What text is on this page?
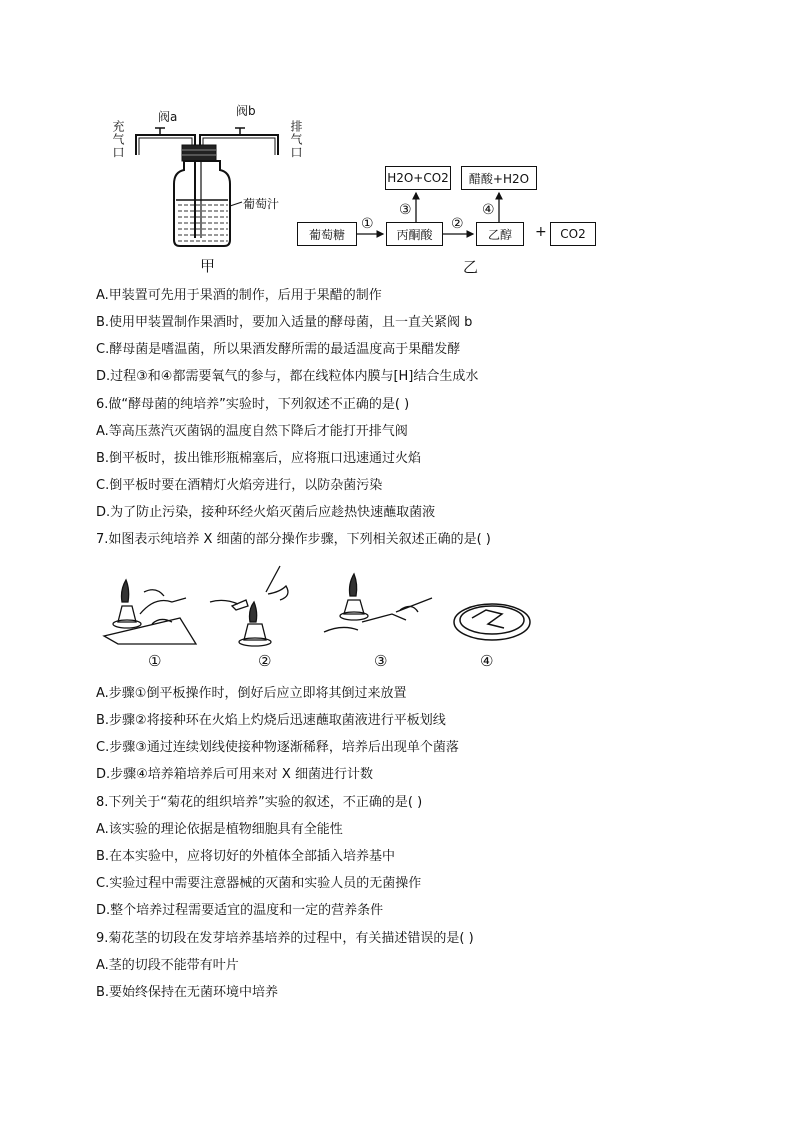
阀a	阀b
充气口	排气口
葡萄汁
甲
H2O+CO2	醋酸+H2O
葡萄糖	丙酮酸	乙醇	+	CO2
①	②
③	④
乙
A.甲装置可先用于果酒的制作，后用于果醋的制作
B.使用甲装置制作果酒时，要加入适量的酵母菌，且一直关紧阀 b
C.酵母菌是嗜温菌，所以果酒发酵所需的最适温度高于果醋发酵
D.过程③和④都需要氧气的参与，都在线粒体内膜与[H]结合生成水
6.做“酵母菌的纯培养”实验时，下列叙述不正确的是( )
A.等高压蒸汽灭菌锅的温度自然下降后才能打开排气阀
B.倒平板时，拔出锥形瓶棉塞后，应将瓶口迅速通过火焰
C.倒平板时要在酒精灯火焰旁进行，以防杂菌污染
D.为了防止污染，接种环经火焰灭菌后应趁热快速蘸取菌液
7.如图表示纯培养 X 细菌的部分操作步骤，下列相关叙述正确的是( )
①	②	③	④
A.步骤①倒平板操作时，倒好后应立即将其倒过来放置
B.步骤②将接种环在火焰上灼烧后迅速蘸取菌液进行平板划线
C.步骤③通过连续划线使接种物逐渐稀释，培养后出现单个菌落
D.步骤④培养箱培养后可用来对 X 细菌进行计数
8.下列关于“菊花的组织培养”实验的叙述，不正确的是( )
A.该实验的理论依据是植物细胞具有全能性
B.在本实验中，应将切好的外植体全部插入培养基中
C.实验过程中需要注意器械的灭菌和实验人员的无菌操作
D.整个培养过程需要适宜的温度和一定的营养条件
9.菊花茎的切段在发芽培养基培养的过程中，有关描述错误的是( )
A.茎的切段不能带有叶片
B.要始终保持在无菌环境中培养
